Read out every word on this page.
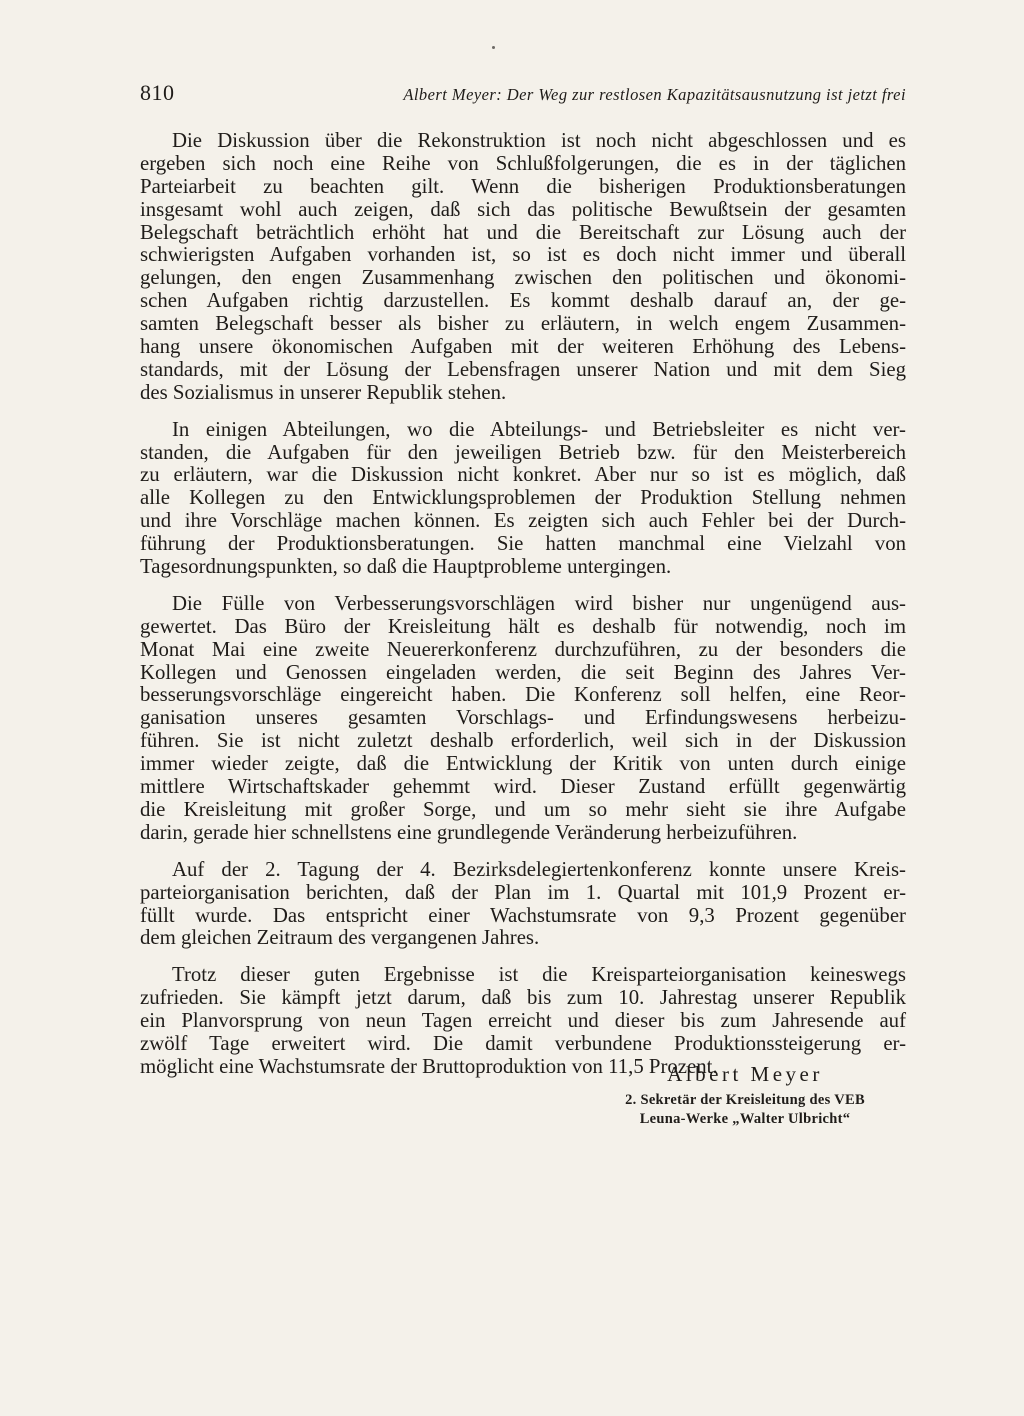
810	Albert Meyer: Der Weg zur restlosen Kapazitätsausnutzung ist jetzt frei
Die Diskussion über die Rekonstruktion ist noch nicht abgeschlossen und es
ergeben sich noch eine Reihe von Schlußfolgerungen, die es in der täglichen
Parteiarbeit zu beachten gilt. Wenn die bisherigen Produktionsberatungen
insgesamt wohl auch zeigen, daß sich das politische Bewußtsein der gesamten
Belegschaft beträchtlich erhöht hat und die Bereitschaft zur Lösung auch der
schwierigsten Aufgaben vorhanden ist, so ist es doch nicht immer und überall
gelungen, den engen Zusammenhang zwischen den politischen und ökonomi-
schen Aufgaben richtig darzustellen. Es kommt deshalb darauf an, der ge-
samten Belegschaft besser als bisher zu erläutern, in welch engem Zusammen-
hang unsere ökonomischen Aufgaben mit der weiteren Erhöhung des Lebens-
standards, mit der Lösung der Lebensfragen unserer Nation und mit dem Sieg
des Sozialismus in unserer Republik stehen.
In einigen Abteilungen, wo die Abteilungs- und Betriebsleiter es nicht ver-
standen, die Aufgaben für den jeweiligen Betrieb bzw. für den Meisterbereich
zu erläutern, war die Diskussion nicht konkret. Aber nur so ist es möglich, daß
alle Kollegen zu den Entwicklungsproblemen der Produktion Stellung nehmen
und ihre Vorschläge machen können. Es zeigten sich auch Fehler bei der Durch-
führung der Produktionsberatungen. Sie hatten manchmal eine Vielzahl von
Tagesordnungspunkten, so daß die Hauptprobleme untergingen.
Die Fülle von Verbesserungsvorschlägen wird bisher nur ungenügend aus-
gewertet. Das Büro der Kreisleitung hält es deshalb für notwendig, noch im
Monat Mai eine zweite Neuererkonferenz durchzuführen, zu der besonders die
Kollegen und Genossen eingeladen werden, die seit Beginn des Jahres Ver-
besserungsvorschläge eingereicht haben. Die Konferenz soll helfen, eine Reor-
ganisation unseres gesamten Vorschlags- und Erfindungswesens herbeizu-
führen. Sie ist nicht zuletzt deshalb erforderlich, weil sich in der Diskussion
immer wieder zeigte, daß die Entwicklung der Kritik von unten durch einige
mittlere Wirtschaftskader gehemmt wird. Dieser Zustand erfüllt gegenwärtig
die Kreisleitung mit großer Sorge, und um so mehr sieht sie ihre Aufgabe
darin, gerade hier schnellstens eine grundlegende Veränderung herbeizuführen.
Auf der 2. Tagung der 4. Bezirksdelegiertenkonferenz konnte unsere Kreis-
parteiorganisation berichten, daß der Plan im 1. Quartal mit 101,9 Prozent er-
füllt wurde. Das entspricht einer Wachstumsrate von 9,3 Prozent gegenüber
dem gleichen Zeitraum des vergangenen Jahres.
Trotz dieser guten Ergebnisse ist die Kreisparteiorganisation keineswegs
zufrieden. Sie kämpft jetzt darum, daß bis zum 10. Jahrestag unserer Republik
ein Planvorsprung von neun Tagen erreicht und dieser bis zum Jahresende auf
zwölf Tage erweitert wird. Die damit verbundene Produktionssteigerung er-
möglicht eine Wachstumsrate der Bruttoproduktion von 11,5 Prozent.
Albert Meyer
2. Sekretär der Kreisleitung des VEB
Leuna-Werke „Walter Ulbricht“
